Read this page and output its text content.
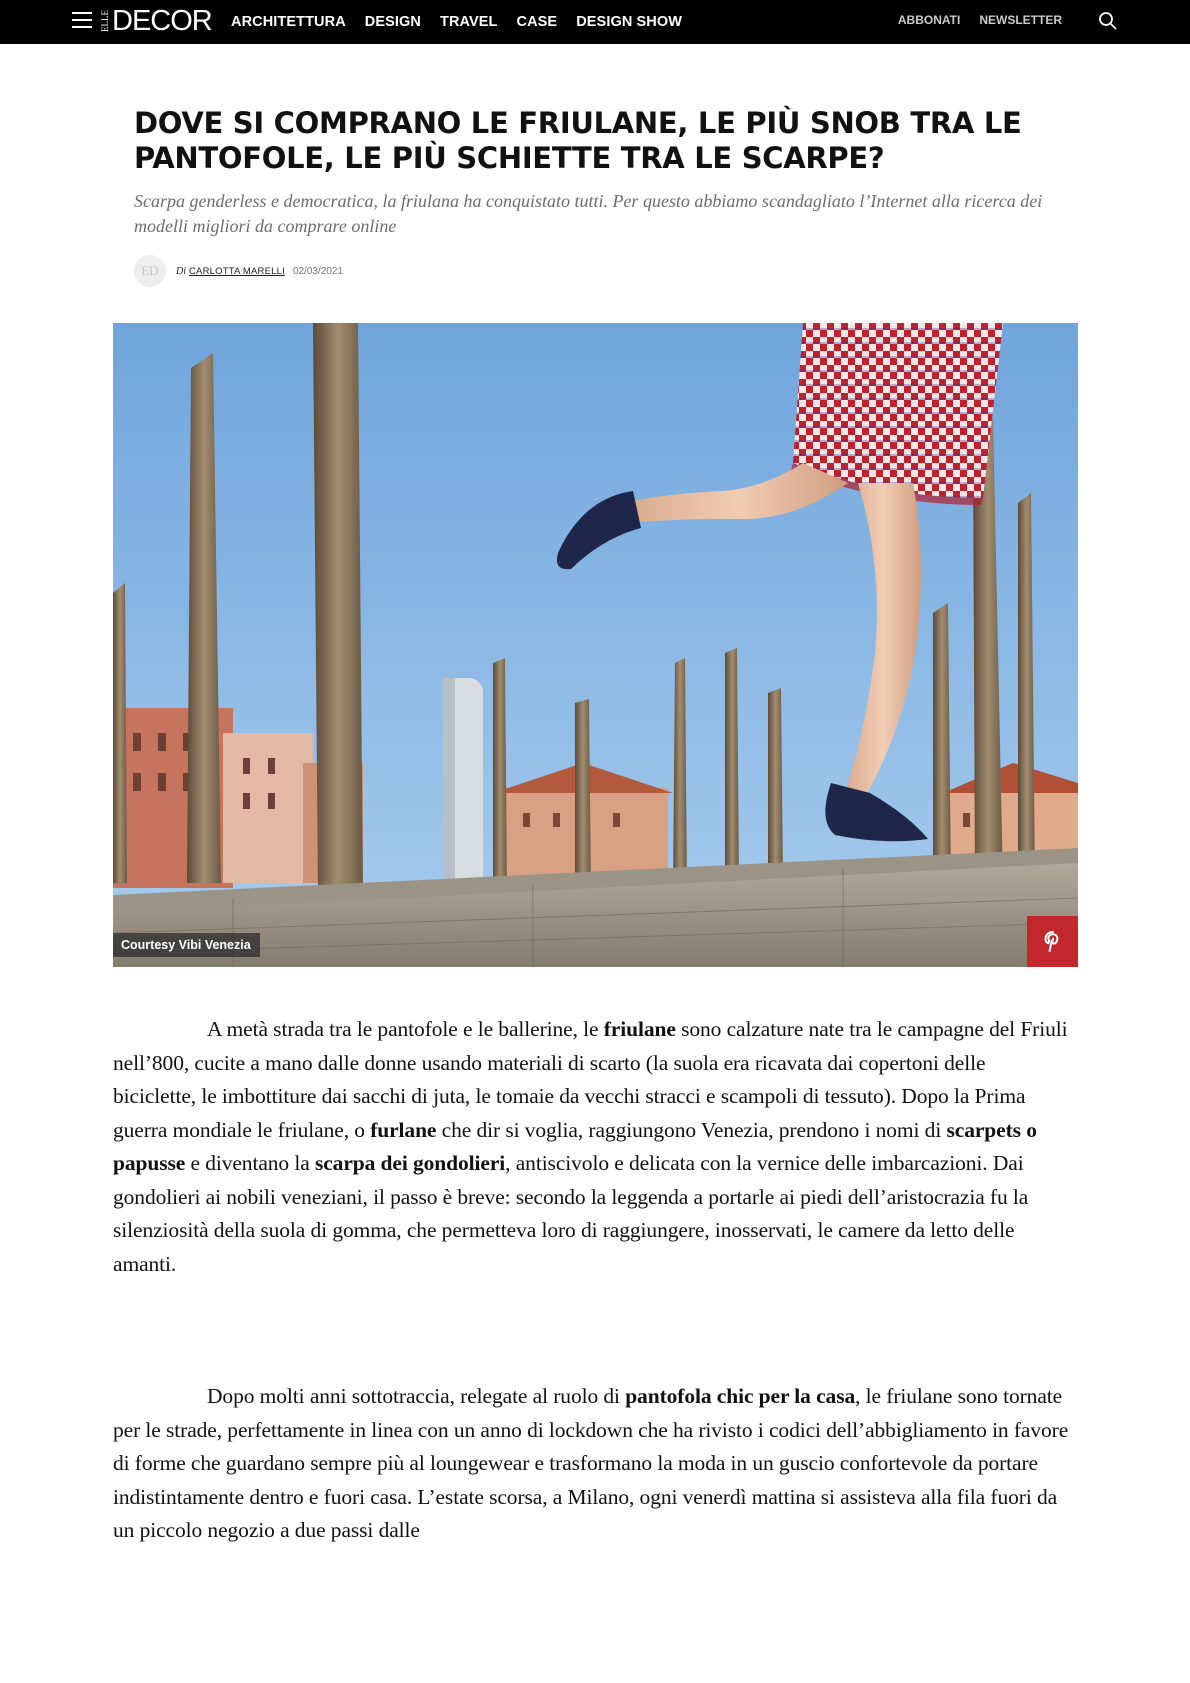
ELLE DECOR ARCHITETTURA DESIGN TRAVEL CASE DESIGN SHOW	ABBONATI NEWSLETTER
DOVE SI COMPRANO LE FRIULANE, LE PIÙ SNOB TRA LE PANTOFOLE, LE PIÙ SCHIETTE TRA LE SCARPE?

Scarpa genderless e democratica, la friulana ha conquistato tutti. Per questo abbiamo scandagliato l’Internet alla ricerca dei modelli migliori da comprare online

ED	Di CARLOTTA MARELLI 02/03/2021
Courtesy Vibi Venezia

A metà strada tra le pantofole e le ballerine, le friulane sono calzature nate tra le campagne del Friuli nell’800, cucite a mano dalle donne usando materiali di scarto (la suola era ricavata dai copertoni delle biciclette, le imbottiture dai sacchi di juta, le tomaie da vecchi stracci e scampoli di tessuto). Dopo la Prima guerra mondiale le friulane, o furlane che dir si voglia, raggiungono Venezia, prendono i nomi di scarpets o papusse e diventano la scarpa dei gondolieri, antiscivolo e delicata con la vernice delle imbarcazioni. Dai gondolieri ai nobili veneziani, il passo è breve: secondo la leggenda a portarle ai piedi dell’aristocrazia fu la silenziosità della suola di gomma, che permetteva loro di raggiungere, inosservati, le camere da letto delle amanti.

Dopo molti anni sottotraccia, relegate al ruolo di pantofola chic per la casa, le friulane sono tornate per le strade, perfettamente in linea con un anno di lockdown che ha rivisto i codici dell’abbigliamento in favore di forme che guardano sempre più al loungewear e trasformano la moda in un guscio confortevole da portare indistintamente dentro e fuori casa. L’estate scorsa, a Milano, ogni venerdì mattina si assisteva alla fila fuori da un piccolo negozio a due passi dalle
